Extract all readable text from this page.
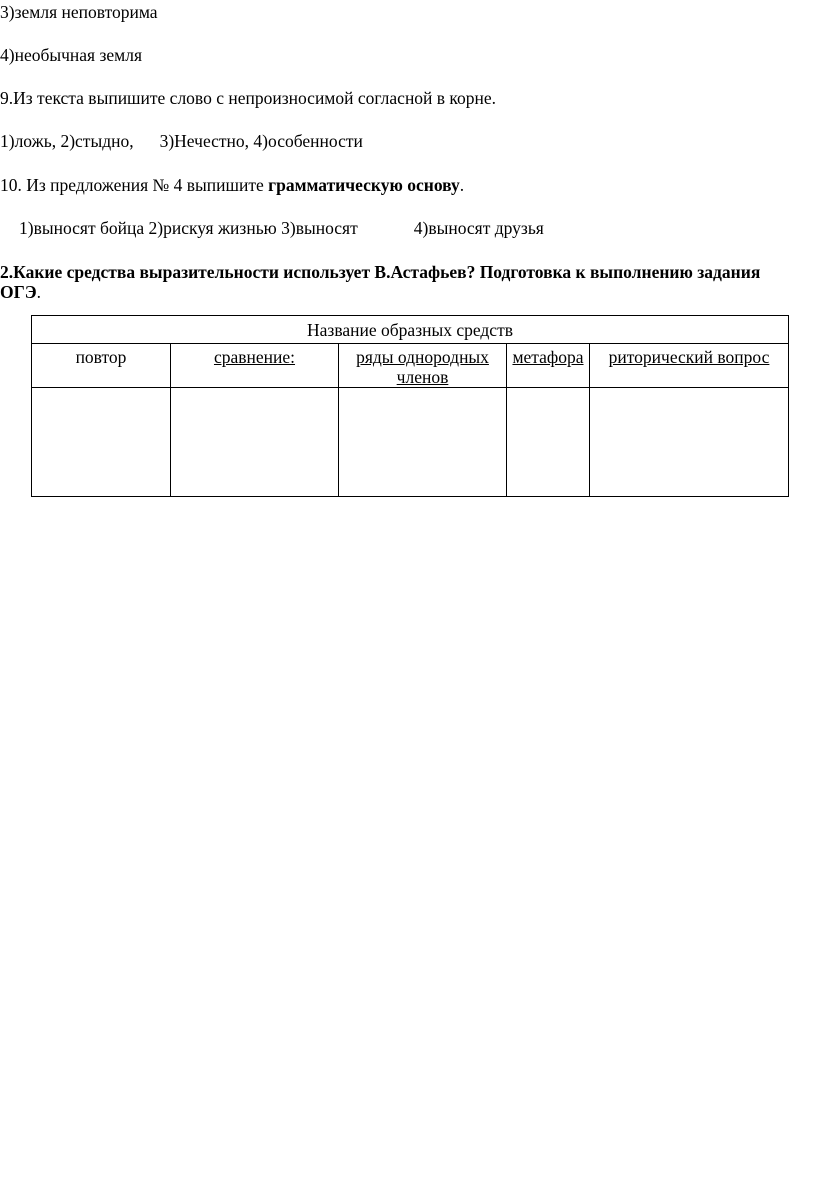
3)земля неповторима
4)необычная земля
9.Из текста выпишите слово с непроизносимой согласной в корне.
1)ложь, 2)стыдно, 3)Нечестно, 4)особенности
10. Из предложения № 4 выпишите грамматическую основу.
1)выносят бойца 2)рискуя жизнью 3)выносят	4)выносят друзья
2.Какие средства выразительности использует В.Астафьев? Подготовка к выполнению задания
ОГЭ.
Название образных средств				
повтор	сравнение:	ряды однородных членов	метафора	риторический вопрос
